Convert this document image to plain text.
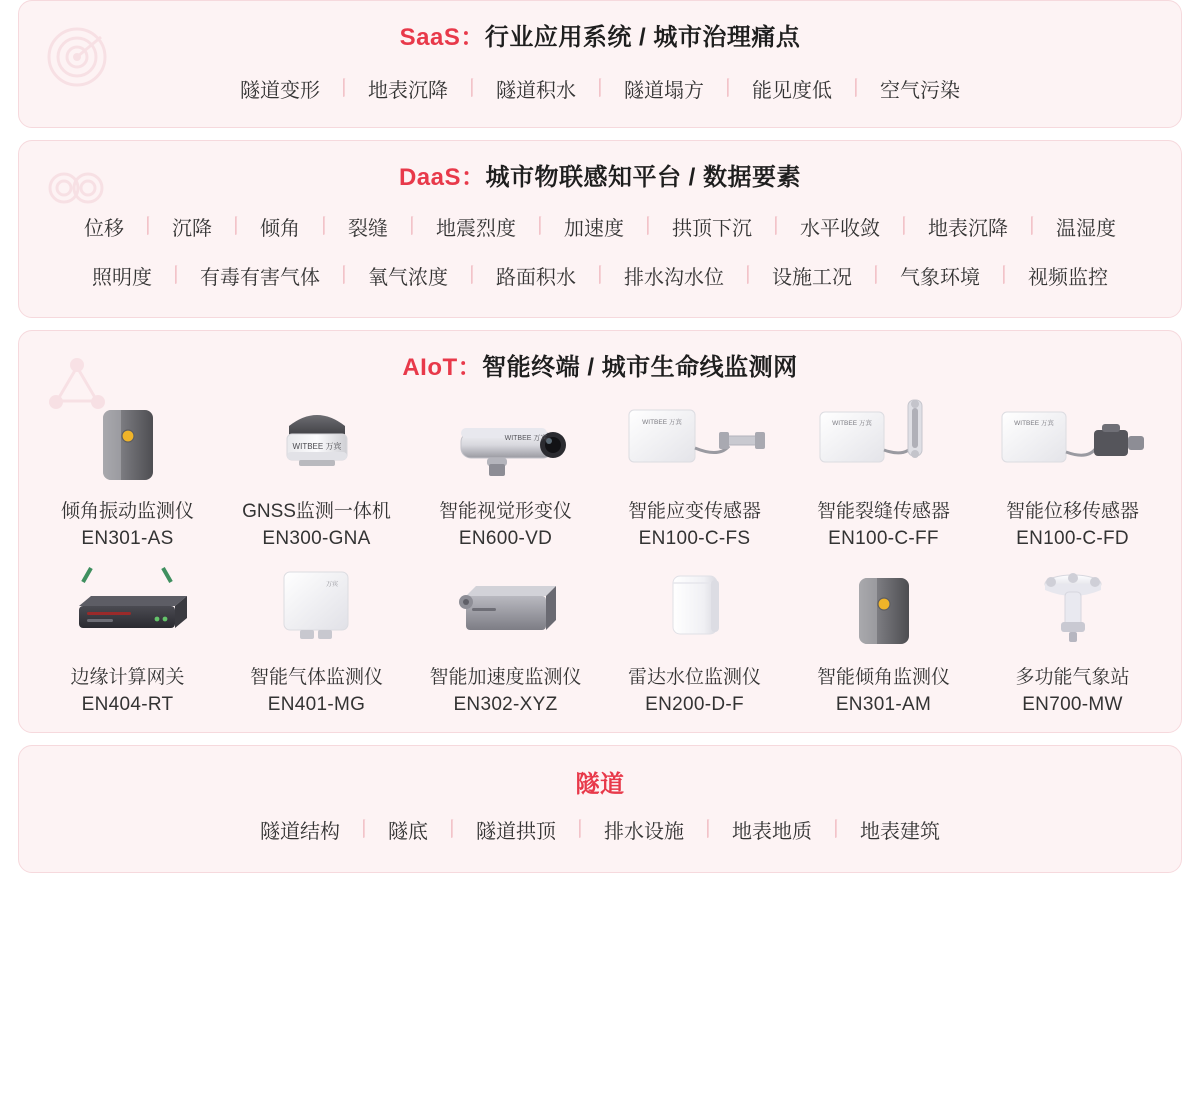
SaaS：行业应用系统 / 城市治理痛点
隧道变形 丨 地表沉降 丨 隧道积水 丨 隧道塌方 丨 能见度低 丨 空气污染
DaaS：城市物联感知平台 / 数据要素
位移 丨 沉降 丨 倾角 丨 裂缝 丨 地震烈度 丨 加速度 丨 拱顶下沉 丨 水平收敛 丨 地表沉降 丨 温湿度
照明度 丨 有毒有害气体 丨 氧气浓度 丨 路面积水 丨 排水沟水位 丨 设施工况 丨 气象环境 丨 视频监控
AIoT：智能终端 / 城市生命线监测网
倾角振动监测仪
EN301-AS
WITBEE 万宾
GNSS监测一体机
EN300-GNA
WITBEE 万宾
智能视觉形变仪
EN600-VD
WITBEE 万宾
智能应变传感器
EN100-C-FS
WITBEE 万宾
智能裂缝传感器
EN100-C-FF
WITBEE 万宾
智能位移传感器
EN100-C-FD
边缘计算网关
EN404-RT
万宾
智能气体监测仪
EN401-MG
智能加速度监测仪
EN302-XYZ
雷达水位监测仪
EN200-D-F
智能倾角监测仪
EN301-AM
多功能气象站
EN700-MW
隧道
隧道结构 丨 隧底 丨 隧道拱顶 丨 排水设施 丨 地表地质 丨 地表建筑
